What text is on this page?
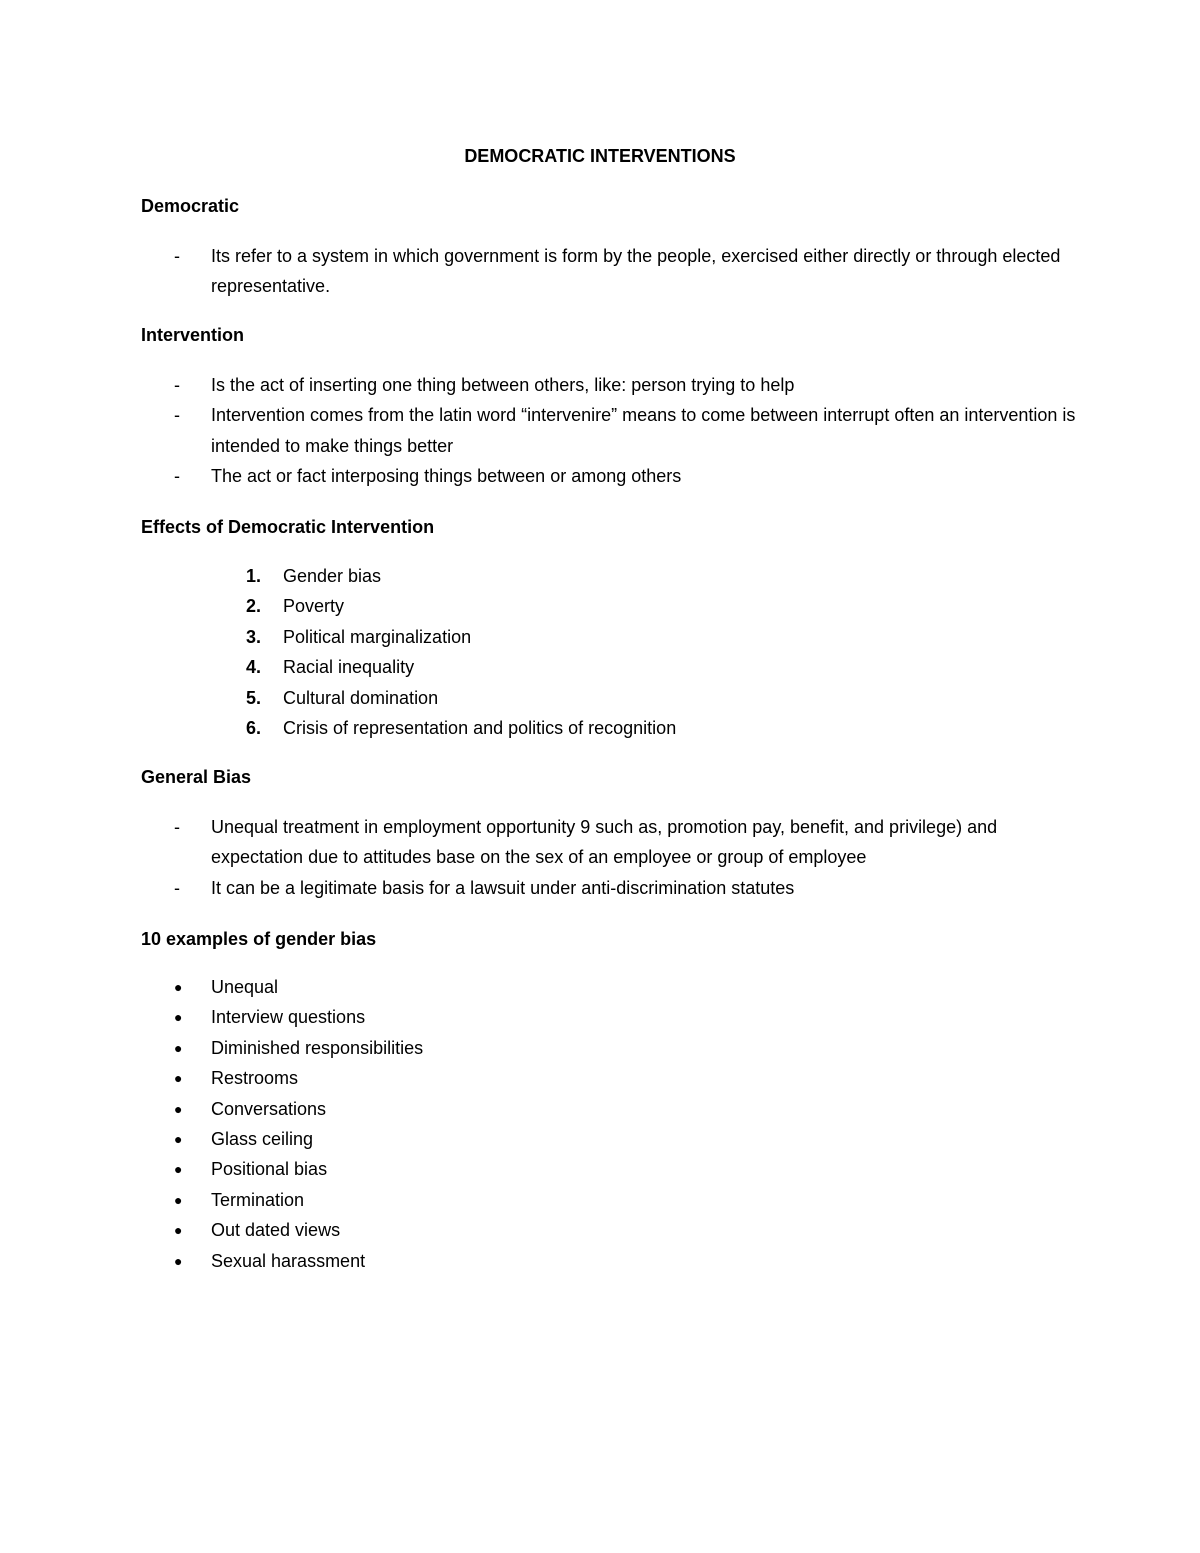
DEMOCRATIC INTERVENTIONS
Democratic
- Its refer to a system in which government is form by the people, exercised either directly or through elected representative.
Intervention
- Is the act of inserting one thing between others, like: person trying to help
- Intervention comes from the latin word “intervenire” means to come between interrupt often an intervention is intended to make things better
- The act or fact interposing things between or among others
Effects of Democratic Intervention
1. Gender bias
2. Poverty
3. Political marginalization
4. Racial inequality
5. Cultural domination
6. Crisis of representation and politics of recognition
General Bias
- Unequal treatment in employment opportunity 9 such as, promotion pay, benefit, and privilege) and expectation due to attitudes base on the sex of an employee or group of employee
- It can be a legitimate basis for a lawsuit under anti-discrimination statutes
10 examples of gender bias
● Unequal
● Interview questions
● Diminished responsibilities
● Restrooms
● Conversations
● Glass ceiling
● Positional bias
● Termination
● Out dated views
● Sexual harassment
